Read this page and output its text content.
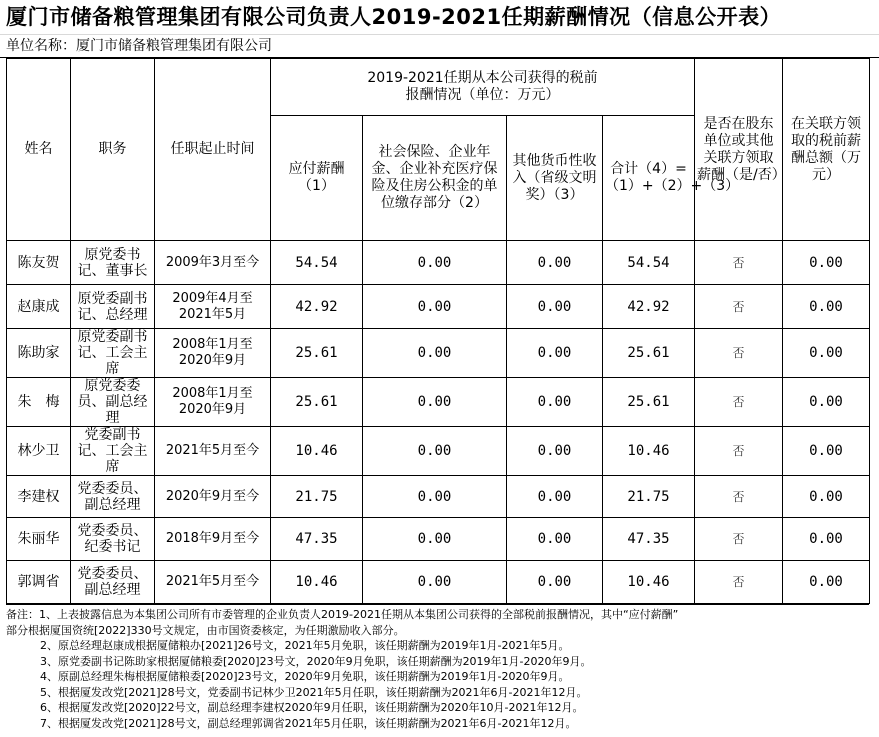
厦门市储备粮管理集团有限公司负责人2019-2021任期薪酬情况（信息公开表）
单位名称：厦门市储备粮管理集团有限公司
姓名	职务	任职起止时间	2019-2021任期从本公司获得的税前报酬情况（单位：万元）				是否在股东单位或其他关联方领取薪酬（是/否）	在关联方领取的税前薪酬总额（万元）
			应付薪酬（1）	社会保险、企业年金、企业补充医疗保险及住房公积金的单位缴存部分（2）	其他货币性收入（省级文明奖）（3）	合计（4）=（1）+（2）+（3）		
陈友贺	原党委书记、董事长	2009年3月至今	54.54	0.00	0.00	54.54	否	0.00
赵康成	原党委副书记、总经理	2009年4月至2021年5月	42.92	0.00	0.00	42.92	否	0.00
陈助家	原党委副书记、工会主席	2008年1月至2020年9月	25.61	0.00	0.00	25.61	否	0.00
朱　梅	原党委委员、副总经理	2008年1月至2020年9月	25.61	0.00	0.00	25.61	否	0.00
林少卫	党委副书记、工会主席	2021年5月至今	10.46	0.00	0.00	10.46	否	0.00
李建权	党委委员、副总经理	2020年9月至今	21.75	0.00	0.00	21.75	否	0.00
朱丽华	党委委员、纪委书记	2018年9月至今	47.35	0.00	0.00	47.35	否	0.00
郭调省	党委委员、副总经理	2021年5月至今	10.46	0.00	0.00	10.46	否	0.00
备注：1、上表披露信息为本集团公司所有市委管理的企业负责人2019-2021任期从本集团公司获得的全部税前报酬情况，其中“应付薪酬”
部分根据厦国资统[2022]330号文规定，由市国资委核定，为任期激励收入部分。
2、原总经理赵康成根据厦储粮办[2021]26号文，2021年5月免职，该任期薪酬为2019年1月-2021年5月。
3、原党委副书记陈助家根据厦储粮委[2020]23号文，2020年9月免职，该任期薪酬为2019年1月-2020年9月。
4、原副总经理朱梅根据厦储粮委[2020]23号文，2020年9月免职，该任期薪酬为2019年1月-2020年9月。
5、根据厦发改党[2021]28号文，党委副书记林少卫2021年5月任职，该任期薪酬为2021年6月-2021年12月。
6、根据厦发改党[2020]22号文，副总经理李建权2020年9月任职，该任期薪酬为2020年10月-2021年12月。
7、根据厦发改党[2021]28号文，副总经理郭调省2021年5月任职，该任期薪酬为2021年6月-2021年12月。
